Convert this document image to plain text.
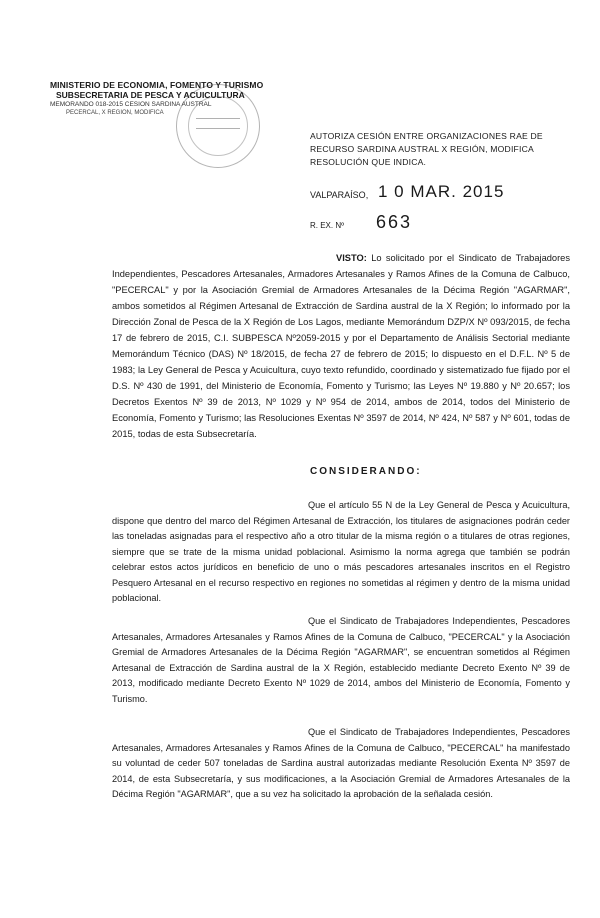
MINISTERIO DE ECONOMIA, FOMENTO Y TURISMO
SUBSECRETARIA DE PESCA Y ACUICULTURA
MEMORANDO 018-2015 CESION SARDINA AUSTRAL
PECERCAL, X REGION, MODIFICA
AUTORIZA CESIÓN ENTRE ORGANIZACIONES RAE DE RECURSO SARDINA AUSTRAL X REGIÓN, MODIFICA RESOLUCIÓN QUE INDICA.
VALPARAÍSO, 1 0 MAR. 2015
R. EX. Nº 663
VISTO: Lo solicitado por el Sindicato de Trabajadores Independientes, Pescadores Artesanales, Armadores Artesanales y Ramos Afines de la Comuna de Calbuco, "PECERCAL" y por la Asociación Gremial de Armadores Artesanales de la Décima Región "AGARMAR", ambos sometidos al Régimen Artesanal de Extracción de Sardina austral de la X Región; lo informado por la Dirección Zonal de Pesca de la X Región de Los Lagos, mediante Memorándum DZP/X Nº 093/2015, de fecha 17 de febrero de 2015, C.I. SUBPESCA Nº2059-2015 y por el Departamento de Análisis Sectorial mediante Memorándum Técnico (DAS) Nº 18/2015, de fecha 27 de febrero de 2015; lo dispuesto en el D.F.L. Nº 5 de 1983; la Ley General de Pesca y Acuicultura, cuyo texto refundido, coordinado y sistematizado fue fijado por el D.S. Nº 430 de 1991, del Ministerio de Economía, Fomento y Turismo; las Leyes Nº 19.880 y Nº 20.657; los Decretos Exentos Nº 39 de 2013, Nº 1029 y Nº 954 de 2014, ambos de 2014, todos del Ministerio de Economía, Fomento y Turismo; las Resoluciones Exentas Nº 3597 de 2014, Nº 424, Nº 587 y Nº 601, todas de 2015, todas de esta Subsecretaría.
CONSIDERANDO:
Que el artículo 55 N de la Ley General de Pesca y Acuicultura, dispone que dentro del marco del Régimen Artesanal de Extracción, los titulares de asignaciones podrán ceder las toneladas asignadas para el respectivo año a otro titular de la misma región o a titulares de otras regiones, siempre que se trate de la misma unidad poblacional. Asimismo la norma agrega que también se podrán celebrar estos actos jurídicos en beneficio de uno o más pescadores artesanales inscritos en el Registro Pesquero Artesanal en el recurso respectivo en regiones no sometidas al régimen y dentro de la misma unidad poblacional.
Que el Sindicato de Trabajadores Independientes, Pescadores Artesanales, Armadores Artesanales y Ramos Afines de la Comuna de Calbuco, "PECERCAL" y la Asociación Gremial de Armadores Artesanales de la Décima Región "AGARMAR", se encuentran sometidos al Régimen Artesanal de Extracción de Sardina austral de la X Región, establecido mediante Decreto Exento Nº 39 de 2013, modificado mediante Decreto Exento Nº 1029 de 2014, ambos del Ministerio de Economía, Fomento y Turismo.
Que el Sindicato de Trabajadores Independientes, Pescadores Artesanales, Armadores Artesanales y Ramos Afines de la Comuna de Calbuco, "PECERCAL" ha manifestado su voluntad de ceder 507 toneladas de Sardina austral autorizadas mediante Resolución Exenta Nº 3597 de 2014, de esta Subsecretaría, y sus modificaciones, a la Asociación Gremial de Armadores Artesanales de la Décima Región "AGARMAR", que a su vez ha solicitado la aprobación de la señalada cesión.
